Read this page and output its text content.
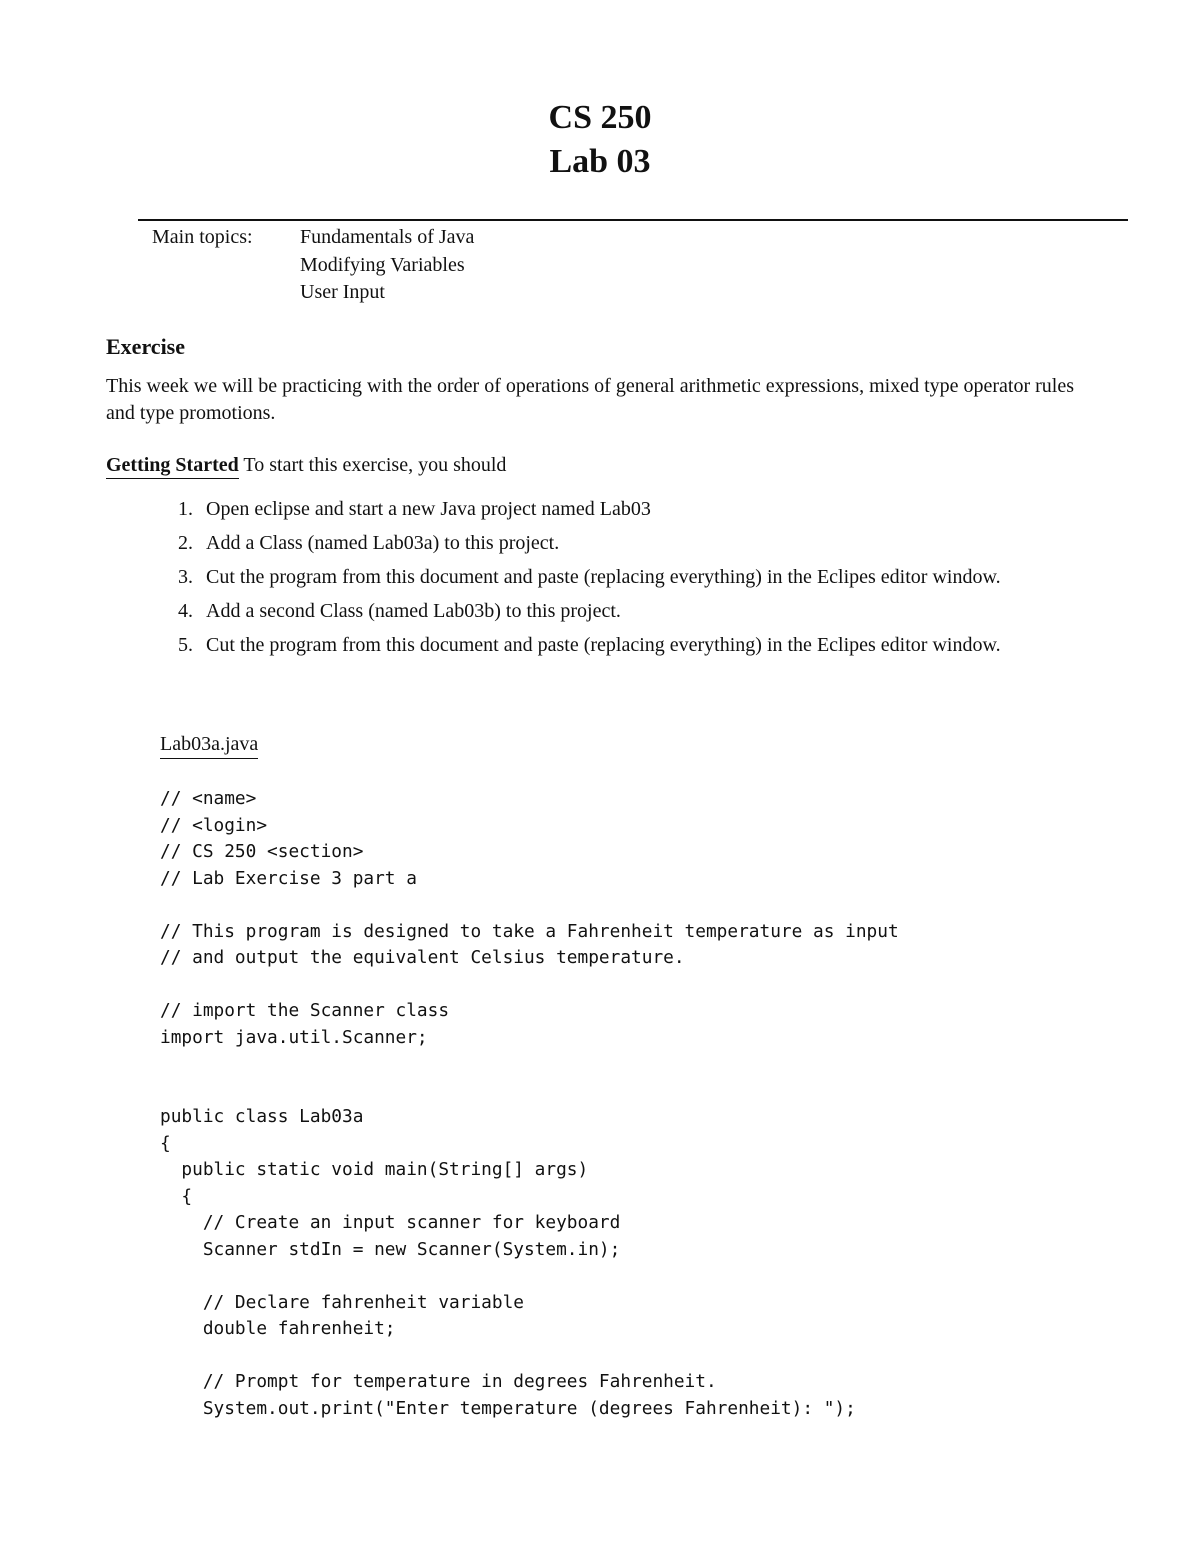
CS 250
Lab 03
Main topics: Fundamentals of Java
Modifying Variables
User Input
Exercise
This week we will be practicing with the order of operations of general arithmetic expressions, mixed type operator rules and type promotions.
Getting Started To start this exercise, you should
1. Open eclipse and start a new Java project named Lab03
2. Add a Class (named Lab03a) to this project.
3. Cut the program from this document and paste (replacing everything) in the Eclipes editor window.
4. Add a second Class (named Lab03b) to this project.
5. Cut the program from this document and paste (replacing everything) in the Eclipes editor window.
Lab03a.java
// <name>
// <login>
// CS 250 <section>
// Lab Exercise 3 part a
// This program is designed to take a Fahrenheit temperature as input
// and output the equivalent Celsius temperature.
// import the Scanner class
import java.util.Scanner;
public class Lab03a
{
public static void main(String[] args)
{
// Create an input scanner for keyboard
Scanner stdIn = new Scanner(System.in);
// Declare fahrenheit variable
double fahrenheit;
// Prompt for temperature in degrees Fahrenheit.
System.out.print("Enter temperature (degrees Fahrenheit): ");
